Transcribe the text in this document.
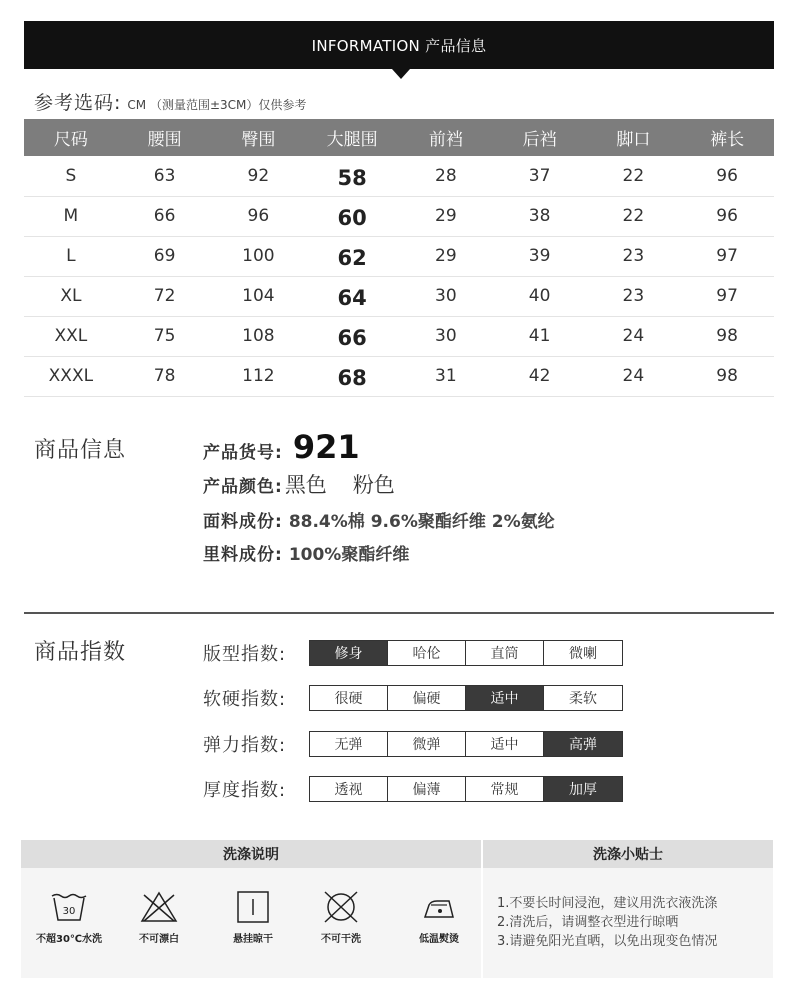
INFORMATION 产品信息
参考选码: CM （测量范围±3CM）仅供参考
尺码	腰围	臀围	大腿围	前裆	后裆	脚口	裤长
S	63	92	58	28	37	22	96
M	66	96	60	29	38	22	96
L	69	100	62	29	39	23	97
XL	72	104	64	30	40	23	97
XXL	75	108	66	30	41	24	98
XXXL	78	112	68	31	42	24	98
商品信息	产品货号: 921
产品颜色: 黑色 粉色
面料成份: 88.4%棉 9.6%聚酯纤维 2%氨纶
里料成份: 100%聚酯纤维
商品指数	版型指数:	修身	哈伦	直筒	微喇
软硬指数:	很硬	偏硬	适中	柔软
弹力指数:	无弹	微弹	适中	高弹
厚度指数:	透视	偏薄	常规	加厚
洗涤说明	洗涤小贴士
30
不超30℃水洗	不可漂白	悬挂晾干	不可干洗	低温熨烫
1.不要长时间浸泡，建议用洗衣液洗涤
2.清洗后，请调整衣型进行晾晒
3.请避免阳光直晒，以免出现变色情况
